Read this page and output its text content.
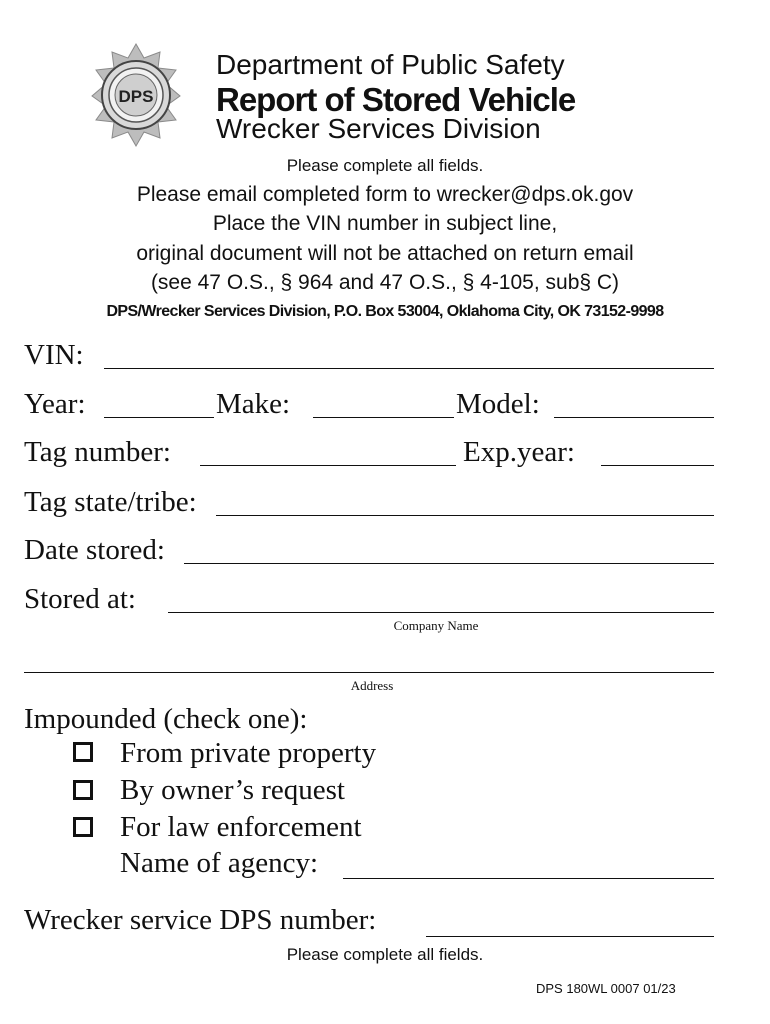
DPS
Department of Public Safety
Report of Stored Vehicle
Wrecker Services Division
Please complete all fields.
Please email completed form to wrecker@dps.ok.gov
Place the VIN number in subject line,
original document will not be attached on return email
(see 47 O.S., § 964 and 47 O.S., § 4-105, sub§ C)
DPS/Wrecker Services Division, P.O. Box 53004, Oklahoma City, OK 73152-9998
VIN:
Year:	Make:	Model:
Tag number:	Exp.year:
Tag state/tribe:
Date stored:
Stored at:
Company Name
Address
Impounded (check one):
From private property
By owner’s request
For law enforcement
Name of agency:
Wrecker service DPS number:
Please complete all fields.
DPS 180WL 0007 01/23
